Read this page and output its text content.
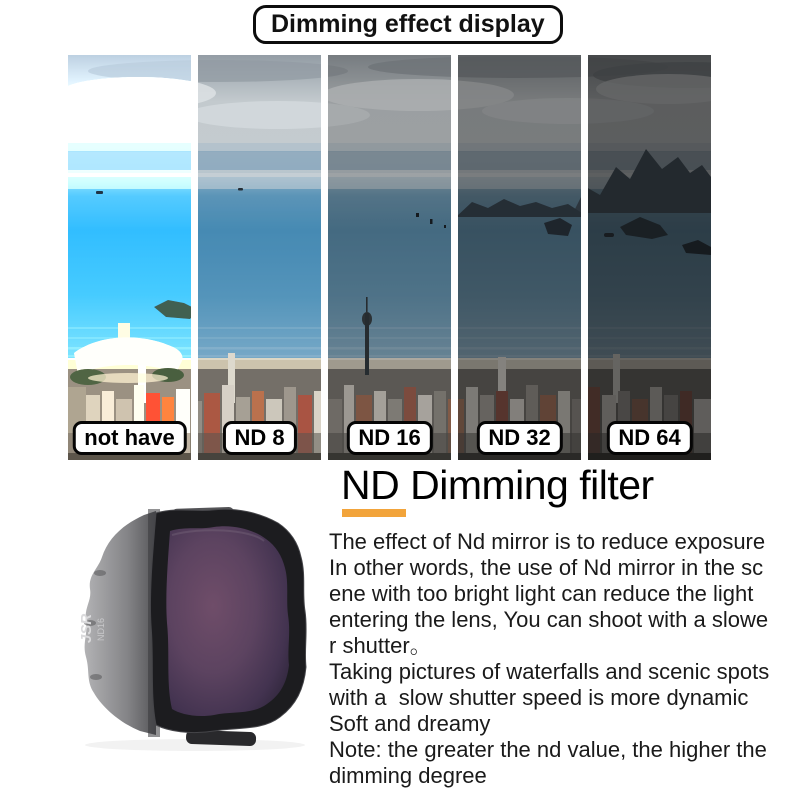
Dimming effect display
not have	ND 8	ND 16	ND 32	ND 64
ND Dimming filter
JSR ND16
The effect of Nd mirror is to reduce exposure
In other words, the use of Nd mirror in the sc
ene with too bright light can reduce the light
entering the lens, You can shoot with a slowe
r shutter。
Taking pictures of waterfalls and scenic spots
with a  slow shutter speed is more dynamic
Soft and dreamy
Note: the greater the nd value, the higher the
dimming degree
